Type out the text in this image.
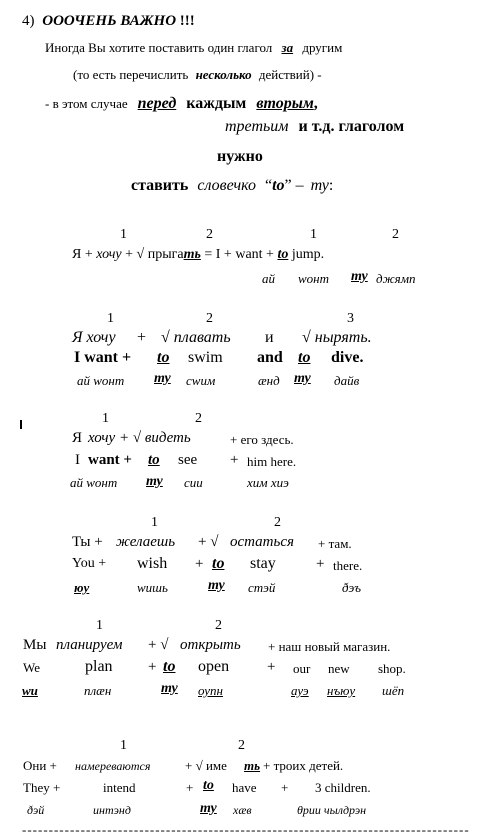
4) ОООЧЕНЬ ВАЖНО !!!
Иногда Вы хотите поставить один глагол за другим
(то есть перечислить несколько действий) -
- в этом случае перед каждым вторым,
третьим и т.д. глаголом
нужно
ставить словечко “to” – ту:
1	2	1	2
Я + хочу + √ прыгать = I + want + to jump.
ай wонт ту джямп
1	2	3
Я хочу + √ плавать и √ нырять.
I want + to swim and to dive.
ай wонт ту сwим	æнд ту дайв
1	2
Я хочу + √ видеть	+ его здесь.
I want + to see + him here.
ай wонт ту сии	хим хиэ
1	2
Ты + желаешь + √ остаться + там.
You + wish + to stay	+ there.
юу	wишь	ту стэй	ðэъ
1	2
Мы планируем + √ открыть + наш новый магазин.
We	plan + to open	+ our new shop.
wи	плæн	ту оупн	ауэ нъюу шёп
1	2
Они + намереваются	+ √ име ть + троих детей.
They +	intend	+ to have + 3 children.
ðэй	интэнд	ту хæв	θрии чылдрэн
------------------------------------------------------------------------------------
